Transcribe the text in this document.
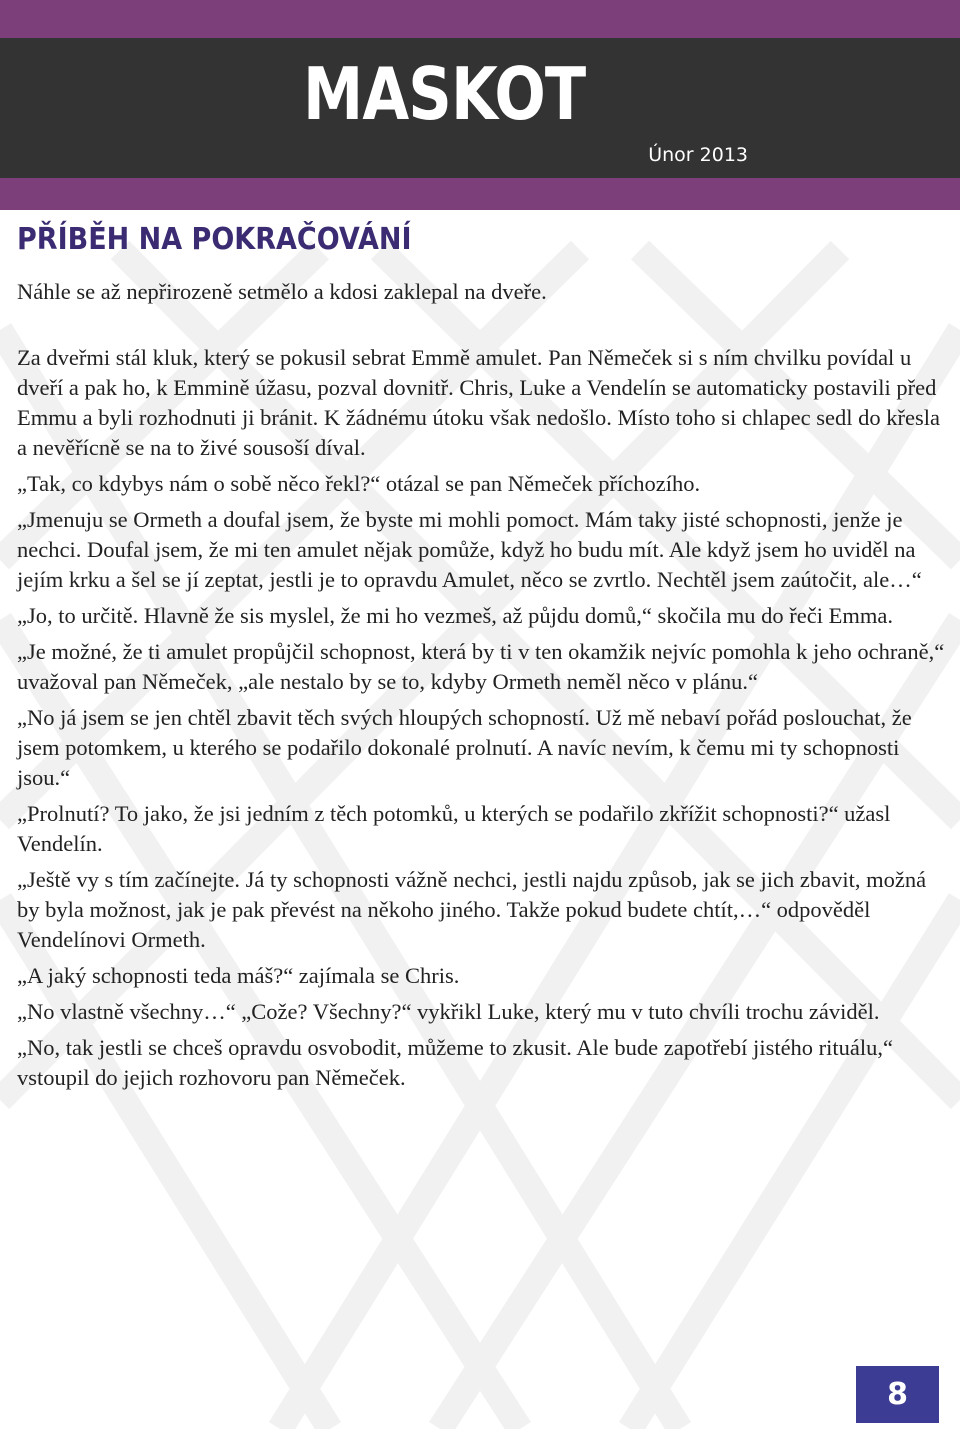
MASKOT
Únor 2013
PŘÍBĚH NA POKRAČOVÁNÍ

Náhle se až nepřirozeně setmělo a kdosi zaklepal na dveře.

Za dveřmi stál kluk, který se pokusil sebrat Emmě amulet. Pan Němeček si s ním chvilku povídal u dveří a pak ho, k Emmině úžasu, pozval dovnitř. Chris, Luke a Vendelín se automaticky postavili před Emmu a byli rozhodnuti ji bránit. K žádnému útoku však nedošlo. Místo toho si chlapec sedl do křesla a nevěřícně se na to živé sousoší díval.

„Tak, co kdybys nám o sobě něco řekl?“ otázal se pan Němeček příchozího.

„Jmenuju se Ormeth a doufal jsem, že byste mi mohli pomoct. Mám taky jisté schopnosti, jenže je nechci. Doufal jsem, že mi ten amulet nějak pomůže, když ho budu mít. Ale když jsem ho uviděl na jejím krku a šel se jí zeptat, jestli je to opravdu Amulet, něco se zvrtlo. Nechtěl jsem zaútočit, ale…“

„Jo, to určitě. Hlavně že sis myslel, že mi ho vezmeš, až půjdu domů,“ skočila mu do řeči Emma.

„Je možné, že ti amulet propůjčil schopnost, která by ti v ten okamžik nejvíc pomohla k jeho ochraně,“ uvažoval pan Němeček, „ale nestalo by se to, kdyby Ormeth neměl něco v plánu.“

„No já jsem se jen chtěl zbavit těch svých hloupých schopností. Už mě nebaví pořád poslouchat, že jsem potomkem, u kterého se podařilo dokonalé prolnutí. A navíc nevím, k čemu mi ty schopnosti jsou.“

„Prolnutí? To jako, že jsi jedním z těch potomků, u kterých se podařilo zkřížit schopnosti?“ užasl Vendelín.

„Ještě vy s tím začínejte. Já ty schopnosti vážně nechci, jestli najdu způsob, jak se jich zbavit, možná by byla možnost, jak je pak převést na někoho jiného. Takže pokud budete chtít,…“ odpověděl Vendelínovi Ormeth.

„A jaký schopnosti teda máš?“ zajímala se Chris.

„No vlastně všechny…“ „Cože? Všechny?“ vykřikl Luke, který mu v tuto chvíli trochu záviděl.

„No, tak jestli se chceš opravdu osvobodit, můžeme to zkusit. Ale bude zapotřebí jistého rituálu,“ vstoupil do jejich rozhovoru pan Němeček.

8
